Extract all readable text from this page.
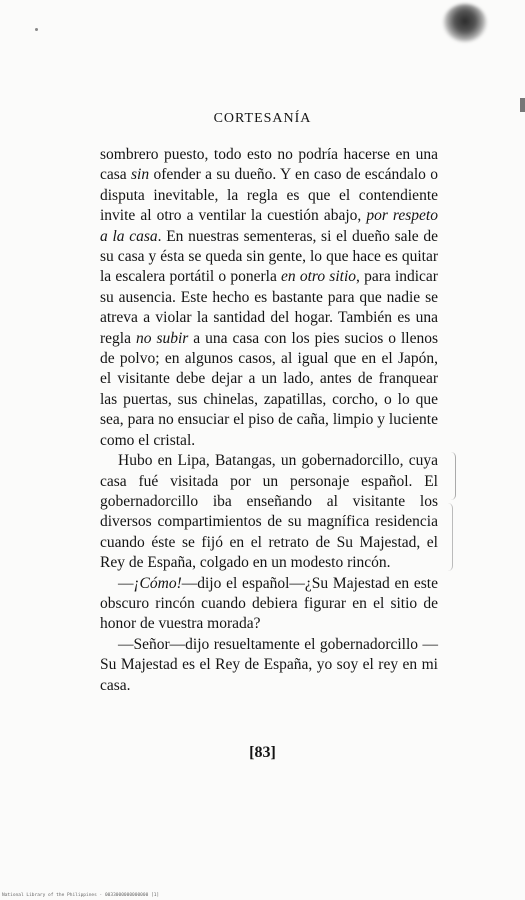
CORTESANÍA

sombrero puesto, todo esto no podría hacerse en una casa sin ofender a su dueño. Y en caso de escándalo o disputa inevitable, la regla es que el contendiente invite al otro a ventilar la cuestión abajo, por respeto a la casa. En nuestras sementeras, si el dueño sale de su casa y ésta se queda sin gente, lo que hace es quitar la escalera portátil o ponerla en otro sitio, para indicar su ausencia. Este hecho es bastante para que nadie se atreva a violar la santidad del hogar. También es una regla no subir a una casa con los pies sucios o llenos de polvo; en algunos casos, al igual que en el Japón, el visitante debe dejar a un lado, antes de franquear las puertas, sus chinelas, zapatillas, corcho, o lo que sea, para no ensuciar el piso de caña, limpio y luciente como el cristal.

Hubo en Lipa, Batangas, un gobernadorcillo, cuya casa fué visitada por un personaje español. El gobernadorcillo iba enseñando al visitante los diversos compartimientos de su magnífica residencia cuando éste se fijó en el retrato de Su Majestad, el Rey de España, colgado en un modesto rincón.

—¡Cómo!—dijo el español—¿Su Majestad en este obscuro rincón cuando debiera figurar en el sitio de honor de vuestra morada?

—Señor—dijo resueltamente el gobernadorcillo —Su Majestad es el Rey de España, yo soy el rey en mi casa.

[83]
National Library of the Philippines · 0033000000000000 [1]
